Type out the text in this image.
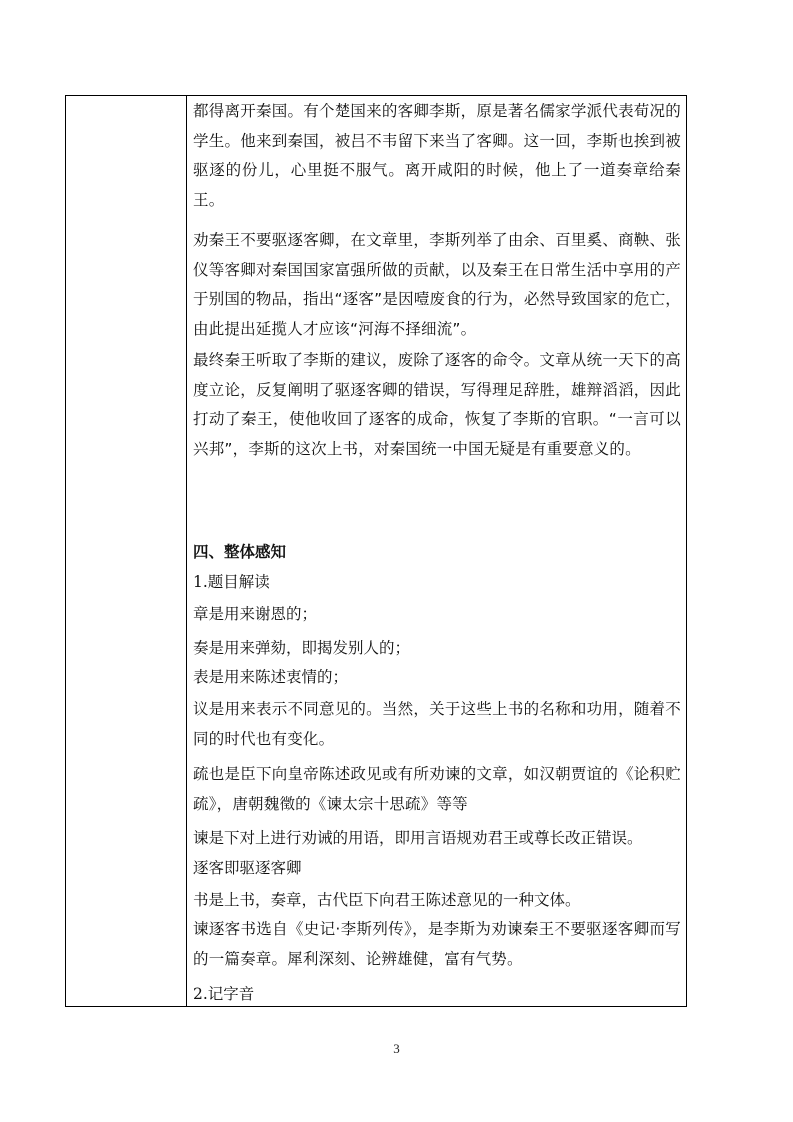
都得离开秦国。有个楚国来的客卿李斯，原是著名儒家学派代表荀况的学生。他来到秦国，被吕不韦留下来当了客卿。这一回，李斯也挨到被驱逐的份儿，心里挺不服气。离开咸阳的时候，他上了一道奏章给秦王。
劝秦王不要驱逐客卿，在文章里，李斯列举了由余、百里奚、商鞅、张仪等客卿对秦国国家富强所做的贡献，以及秦王在日常生活中享用的产于别国的物品，指出“逐客”是因噎废食的行为，必然导致国家的危亡，由此提出延揽人才应该“河海不择细流”。
最终秦王听取了李斯的建议，废除了逐客的命令。文章从统一天下的高度立论，反复阐明了驱逐客卿的错误，写得理足辞胜，雄辩滔滔，因此打动了秦王，使他收回了逐客的成命，恢复了李斯的官职。“一言可以兴邦”，李斯的这次上书，对秦国统一中国无疑是有重要意义的。
四、整体感知
1.题目解读
章是用来谢恩的；
奏是用来弹劾，即揭发别人的；
表是用来陈述衷情的；
议是用来表示不同意见的。当然，关于这些上书的名称和功用，随着不同的时代也有变化。
疏也是臣下向皇帝陈述政见或有所劝谏的文章，如汉朝贾谊的《论积贮疏》，唐朝魏徵的《谏太宗十思疏》等等
谏是下对上进行劝诫的用语，即用言语规劝君王或尊长改正错误。
逐客即驱逐客卿
书是上书，奏章，古代臣下向君王陈述意见的一种文体。
谏逐客书选自《史记·李斯列传》，是李斯为劝谏秦王不要驱逐客卿而写的一篇奏章。犀利深刻、论辨雄健，富有气势。
2.记字音
3
